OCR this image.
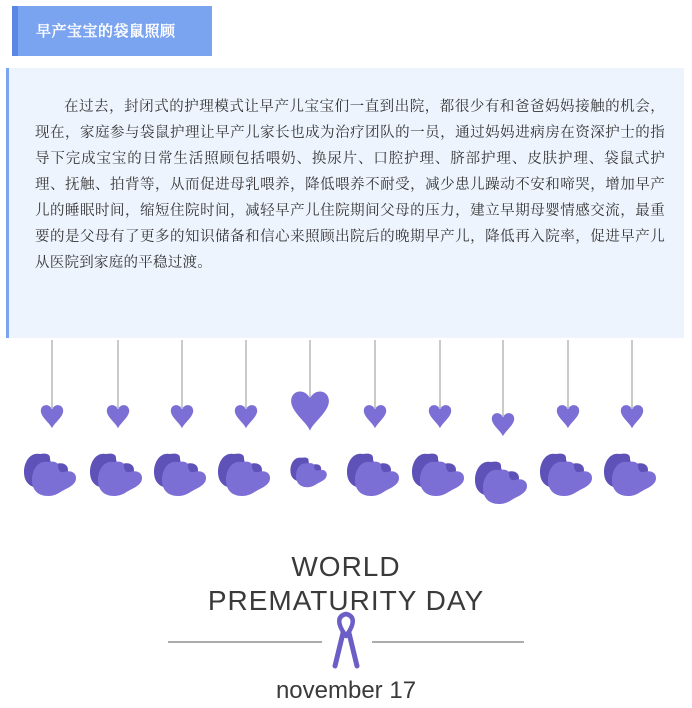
早产宝宝的袋鼠照顾

在过去，封闭式的护理模式让早产儿宝宝们一直到出院，都很少有和爸爸妈妈接触的机会，现在，家庭参与袋鼠护理让早产儿家长也成为治疗团队的一员，通过妈妈进病房在资深护士的指导下完成宝宝的日常生活照顾包括喂奶、换尿片、口腔护理、脐部护理、皮肤护理、袋鼠式护理、抚触、拍背等，从而促进母乳喂养，降低喂养不耐受，减少患儿躁动不安和啼哭，增加早产儿的睡眠时间，缩短住院时间，减轻早产儿住院期间父母的压力，建立早期母婴情感交流，最重要的是父母有了更多的知识储备和信心来照顾出院后的晚期早产儿，降低再入院率，促进早产儿从医院到家庭的平稳过渡。

WORLD
PREMATURITY DAY
november 17
